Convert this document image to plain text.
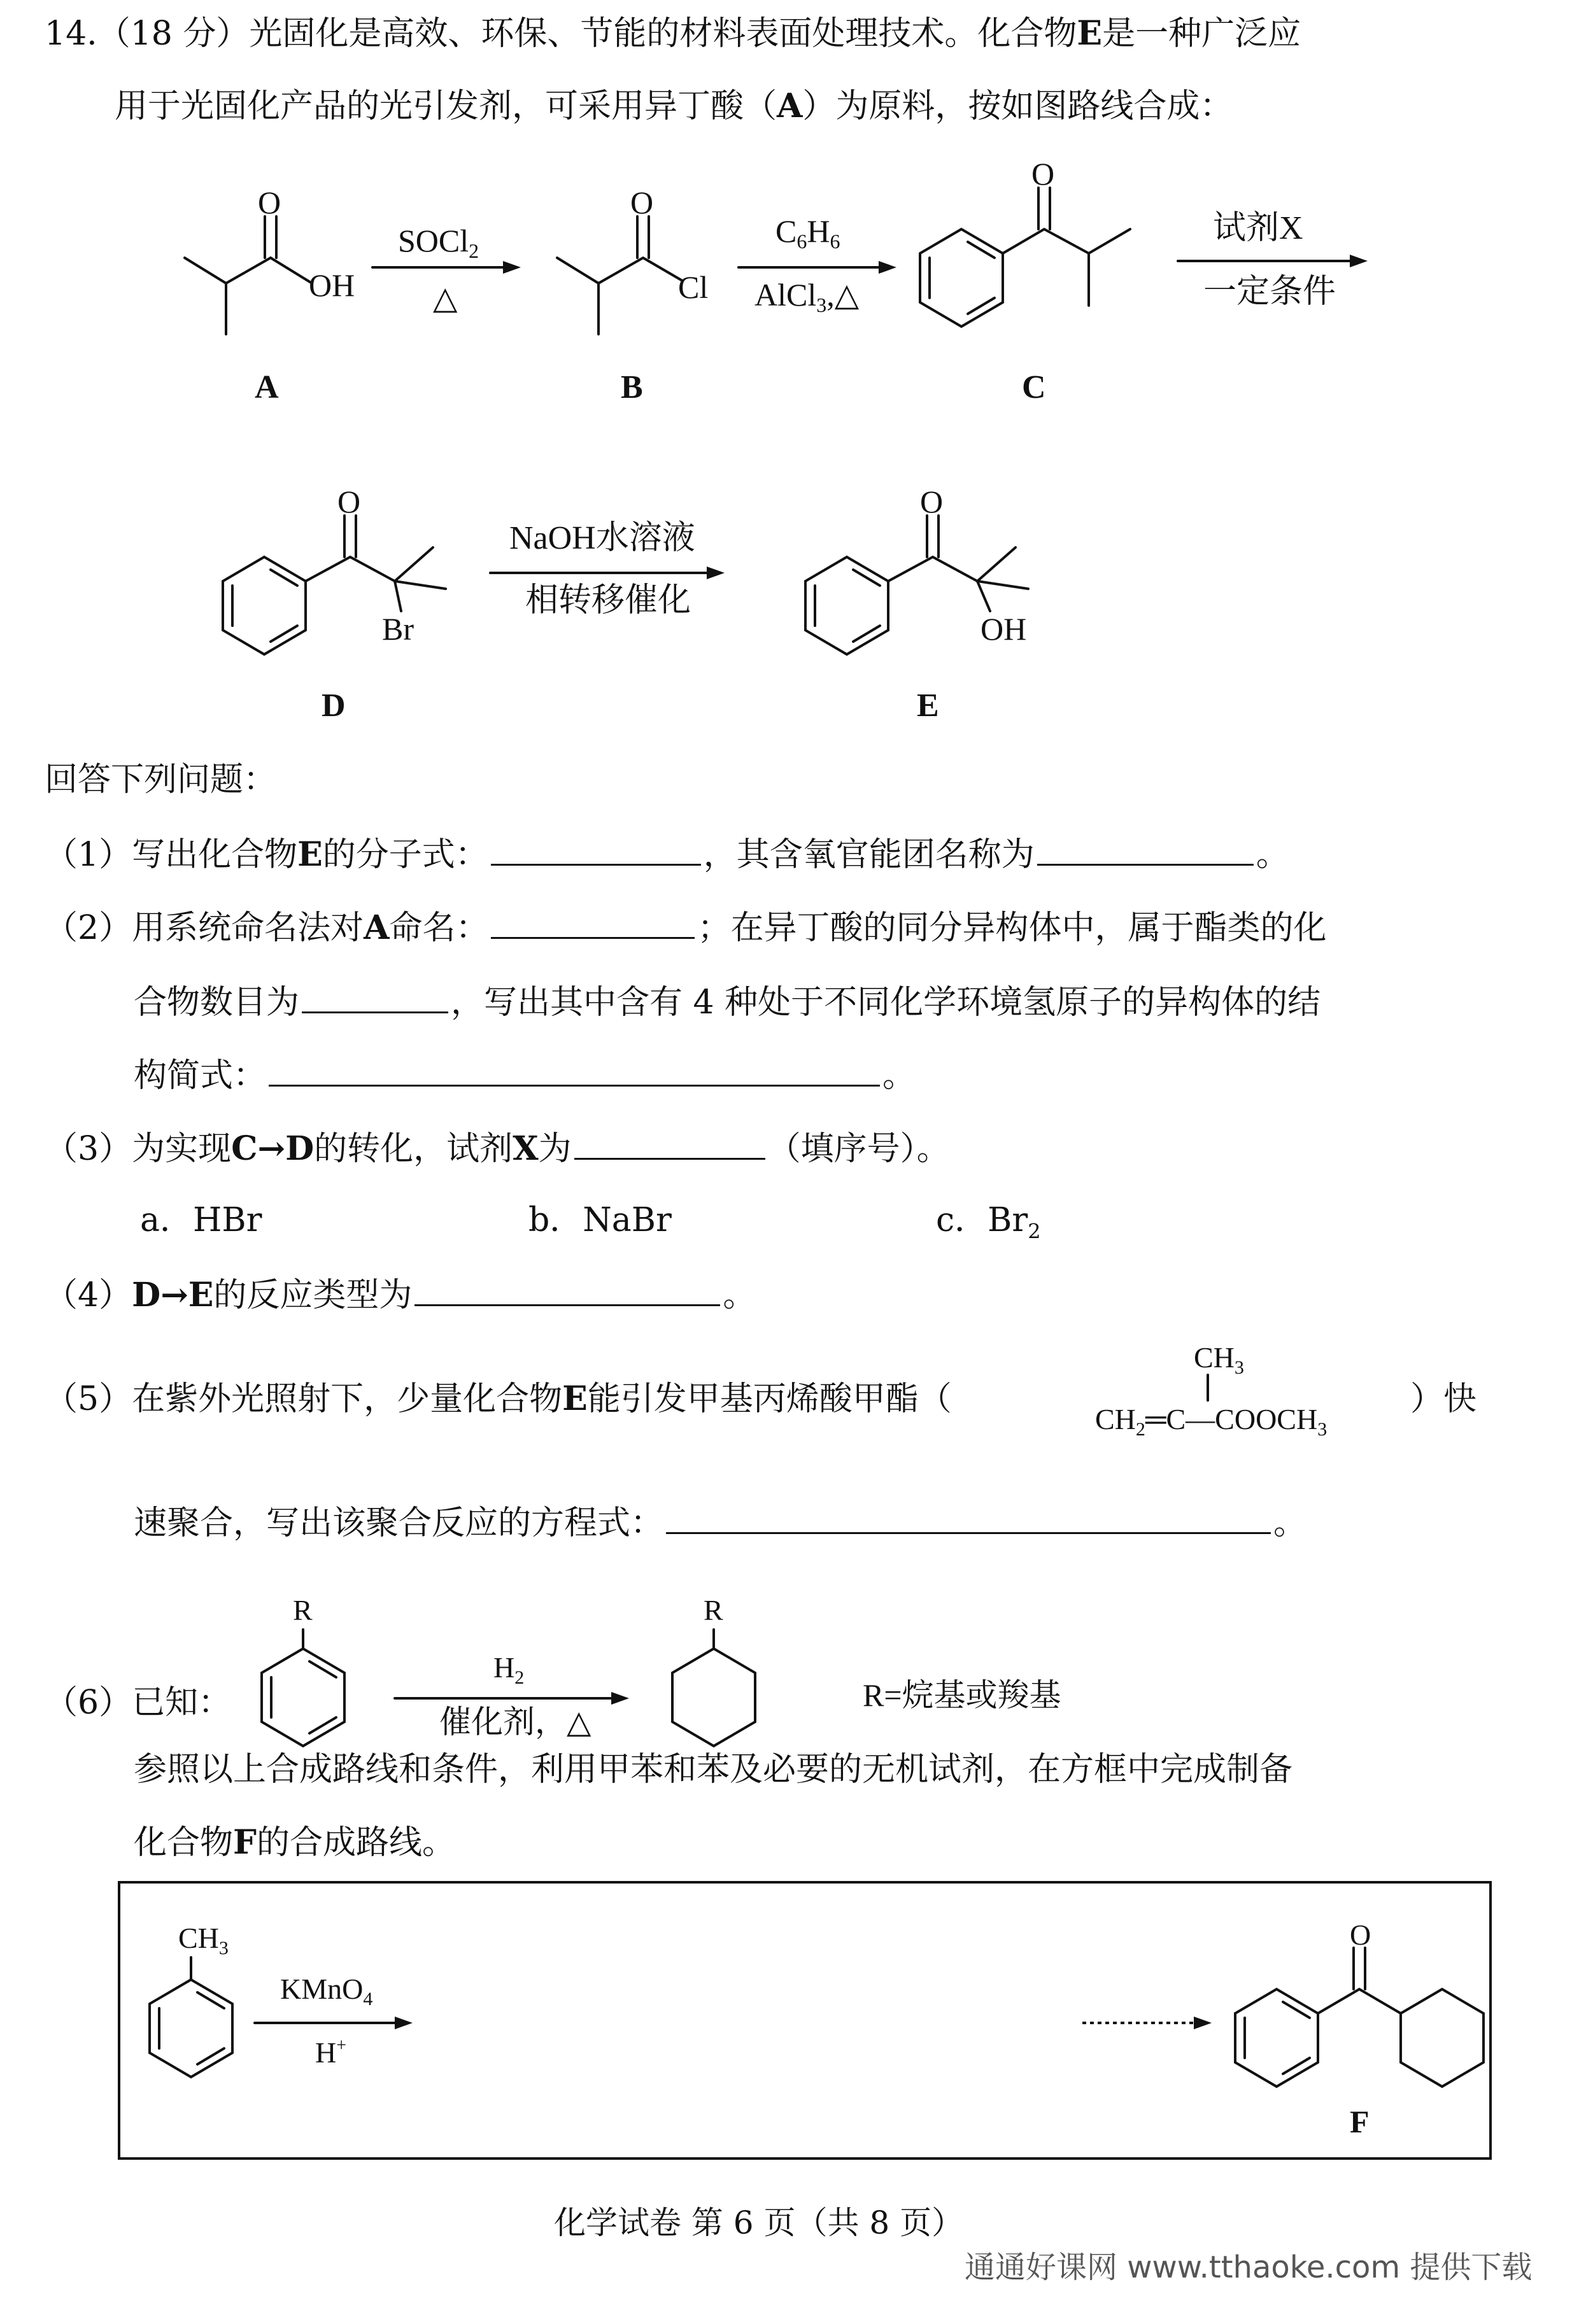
14.（18 分）光固化是高效、环保、节能的材料表面处理技术。化合物E是一种广泛应

用于光固化产品的光引发剂，可采用异丁酸（A）为原料，按如图路线合成：

O
OH
A
SOCl$_2$
△
O
Cl
B
$C_6H_6$
AlCl$_3$,△
O
C
试剂X
一定条件
O
Br
D
NaOH水溶液
相转移催化
O
OH
E
$CH_3$
$CH_2═C—COOCH_3$
R
$H_2$
催化剂，△
R
R=烷基或羧基
$CH_3$
KMnO$_4$
H+
O
F

回答下列问题：

（1）写出化合物E的分子式：	，其含氧官能团名称为	。

（2）用系统命名法对A命名：	；在异丁酸的同分异构体中，属于酯类的化

合物数目为	，写出其中含有 4 种处于不同化学环境氢原子的异构体的结

构简式：	。

（3）为实现C→D的转化，试剂X为	（填序号）。

a．HBr	b．NaBr	c．$Br_2$

（4）D→E的反应类型为	。

（5）在紫外光照射下，少量化合物E能引发甲基丙烯酸甲酯（	）快

速聚合，写出该聚合反应的方程式：	。

（6）已知：

参照以上合成路线和条件，利用甲苯和苯及必要的无机试剂，在方框中完成制备

化合物F的合成路线。

化学试卷 第 6 页（共 8 页）
通通好课网 www.tthaoke.com 提供下载
